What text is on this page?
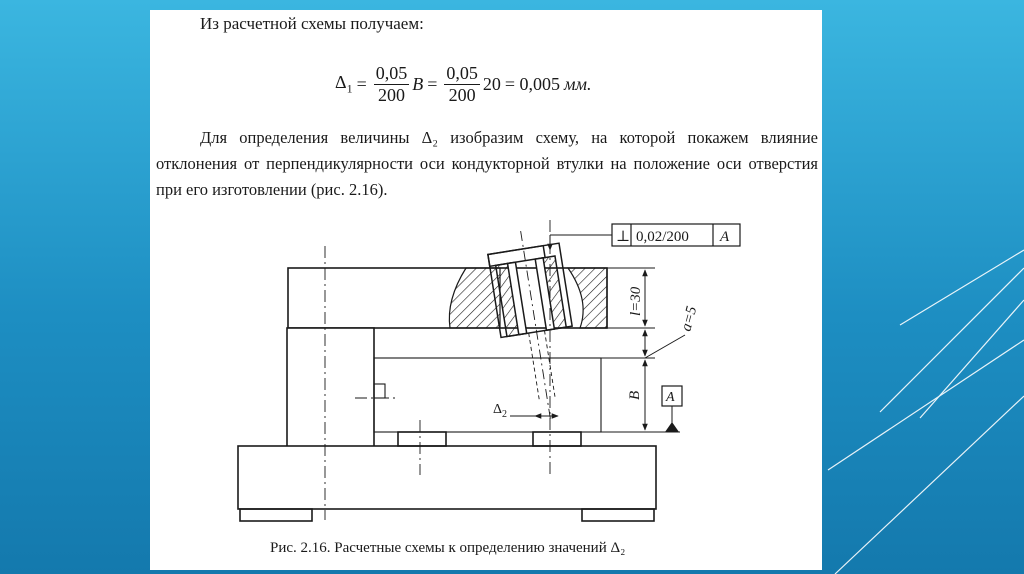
Из расчетной схемы получаем:
$\Delta_1 = \frac{0,05}{200}$ $B = \frac{0,05}{200} 20 = 0,005$ мм.

Для определения величины Δ₂ изобразим схему, на которой покажем влияние отклонения от перпендикулярности оси кондукторной втулки на положение оси отверстия при его изготовлении (рис. 2.16).

⊥ 0,02/200 A
l=30
a=5
B
$\Delta_2$
A
Рис. 2.16. Расчетные схемы к определению значений Δ₂
